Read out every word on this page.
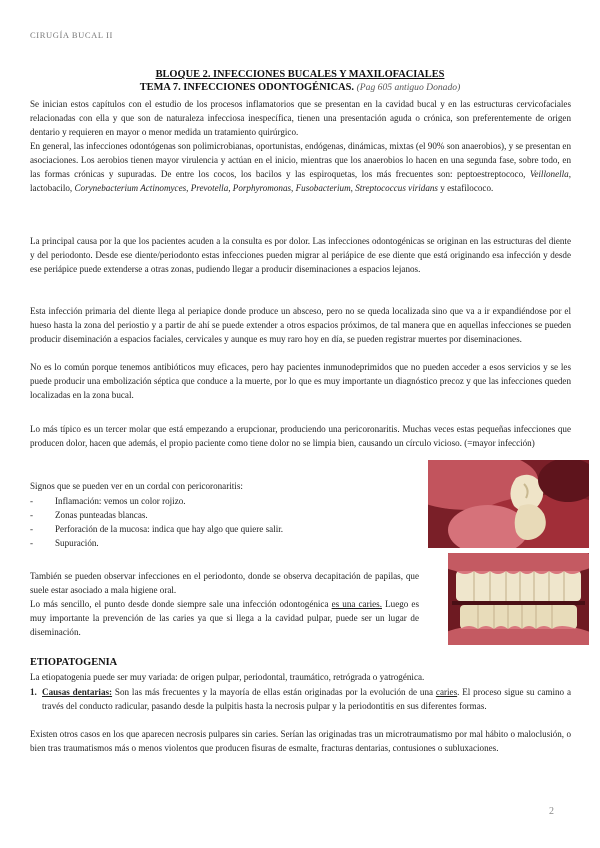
CIRUGÍA BUCAL II
BLOQUE 2. INFECCIONES BUCALES Y MAXILOFACIALES
TEMA 7. INFECCIONES ODONTOGÉNICAS. (Pag 605 antiguo Donado)

Se inician estos capítulos con el estudio de los procesos inflamatorios que se presentan en la cavidad bucal y en las estructuras cervicofaciales relacionadas con ella y que son de naturaleza infecciosa inespecífica, tienen una presentación aguda o crónica, son preferentemente de origen dentario y requieren en mayor o menor medida un tratamiento quirúrgico.

En general, las infecciones odontógenas son polimicrobianas, oportunistas, endógenas, dinámicas, mixtas (el 90% son anaerobios), y se presentan en asociaciones. Los aerobios tienen mayor virulencia y actúan en el inicio, mientras que los anaerobios lo hacen en una segunda fase, sobre todo, en las formas crónicas y supuradas. De entre los cocos, los bacilos y las espiroquetas, los más frecuentes son: peptoestreptococo, Veillonella, lactobacilo, Corynebacterium Actinomyces, Prevotella, Porphyromonas, Fusobacterium, Streptococcus viridans y estafilococo.

La principal causa por la que los pacientes acuden a la consulta es por dolor. Las infecciones odontogénicas se originan en las estructuras del diente y del periodonto. Desde ese diente/periodonto estas infecciones pueden migrar al periápice de ese diente que está originando esa infección y desde ese periápice puede extenderse a otras zonas, pudiendo llegar a producir diseminaciones a espacios lejanos.

Esta infección primaria del diente llega al periapice donde produce un absceso, pero no se queda localizada sino que va a ir expandiéndose por el hueso hasta la zona del periostio y a partir de ahí se puede extender a otros espacios próximos, de tal manera que en aquellas infecciones se pueden producir diseminación a espacios faciales, cervicales y aunque es muy raro hoy en día, se pueden registrar muertes por diseminaciones.

No es lo común porque tenemos antibióticos muy eficaces, pero hay pacientes inmunodeprimidos que no pueden acceder a esos servicios y se les puede producir una embolización séptica que conduce a la muerte, por lo que es muy importante un diagnóstico precoz y que las infecciones queden localizadas en la zona bucal.

Lo más típico es un tercer molar que está empezando a erupcionar, produciendo una pericoronaritis. Muchas veces estas pequeñas infecciones que producen dolor, hacen que además, el propio paciente como tiene dolor no se limpia bien, causando un círculo vicioso. (=mayor infección)

Signos que se pueden ver en un cordal con pericoronaritis:

- Inflamación: vemos un color rojizo.
- Zonas punteadas blancas.
- Perforación de la mucosa: indica que hay algo que quiere salir.
- Supuración.

También se pueden observar infecciones en el periodonto, donde se observa decapitación de papilas, que suele estar asociado a mala higiene oral.

Lo más sencillo, el punto desde donde siempre sale una infección odontogénica es una caries. Luego es muy importante la prevención de las caries ya que si llega a la cavidad pulpar, puede ser un lugar de diseminación.

ETIOPATOGENIA

La etiopatogenia puede ser muy variada: de origen pulpar, periodontal, traumático, retrógrada o yatrogénica.

1. Causas dentarias: Son las más frecuentes y la mayoría de ellas están originadas por la evolución de una caries. El proceso sigue su camino a través del conducto radicular, pasando desde la pulpitis hasta la necrosis pulpar y la periodontitis en sus diferentes formas.

Existen otros casos en los que aparecen necrosis pulpares sin caries. Serían las originadas tras un microtraumatismo por mal hábito o maloclusión, o bien tras traumatismos más o menos violentos que producen fisuras de esmalte, fracturas dentarias, contusiones o subluxaciones.

2
